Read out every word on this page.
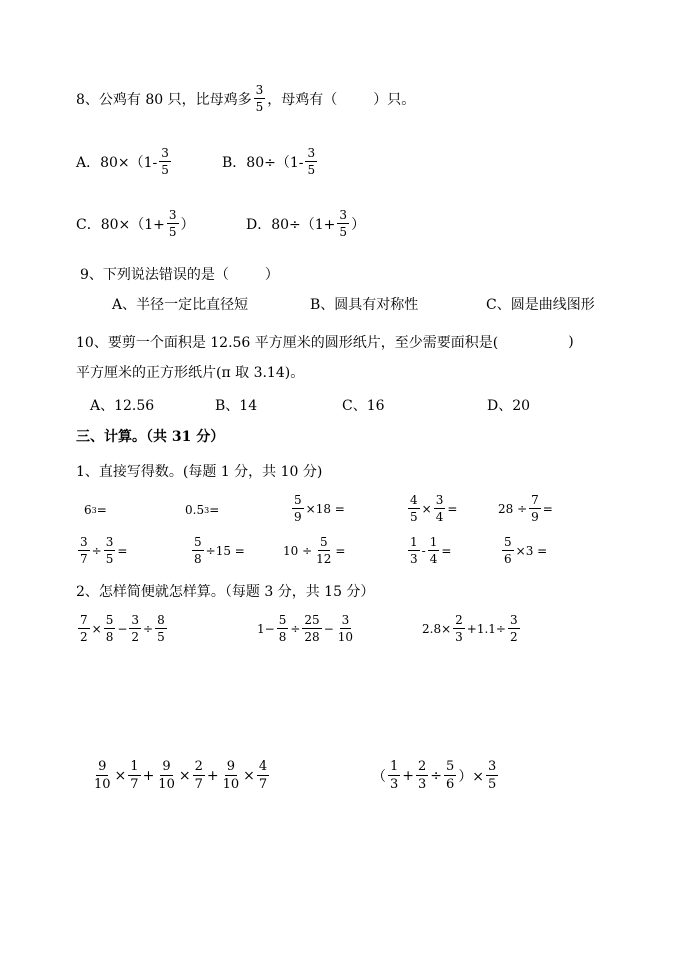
8、公鸡有 80 只，比母鸡多 $\frac{3}{5}$ ，母鸡有（	）只。
A．$80\times(1- \frac{3}{5}$	B．$80\div(1- \frac{3}{5}$
C．$80\times(1+ \frac{3}{5}$ ）	D．$80\div(1+ \frac{3}{5}$ ）
9、下列说法错误的是（	）
A、半径一定比直径短	B、圆具有对称性	C、圆是曲线图形
10、要剪一个面积是 12.56 平方厘米的圆形纸片，至少需要面积是(	)
平方厘米的正方形纸片(π 取 3.14)。
A、12.56	B、14	C、16	D、20
三、计算。（共 31 分）
1、直接写得数。(每题 1 分，共 10 分)
6 3 =	0.5 3 =	$\frac{5}{9} \times 18$ =	$\frac{4}{5} \times \frac{3}{4}$ =	$28 \div \frac{7}{9}$ =
$\frac{3}{7} \div \frac{3}{5}$ =	$\frac{5}{8} \div 15$ =	$10 \div \frac{5}{12}$ =	$\frac{1}{3} - \frac{1}{4}$ =	$\frac{5}{6} \times 3$ =
2、怎样简便就怎样算。（每题 3 分，共 15 分）
$\frac{7}{2} \times \frac{5}{8} - \frac{3}{2} \div \frac{8}{5}$	$1- \frac{5}{8} \div \frac{25}{28} - \frac{3}{10}$	$2.8\times \frac{2}{3} +1.1\div \frac{3}{2}$
$\frac{9}{10} \times \frac{1}{7} + \frac{9}{10} \times \frac{2}{7} + \frac{9}{10} \times \frac{4}{7}$	（ $\frac{1}{3} + \frac{2}{3} \div \frac{5}{6}$ ）× $\frac{3}{5}$
